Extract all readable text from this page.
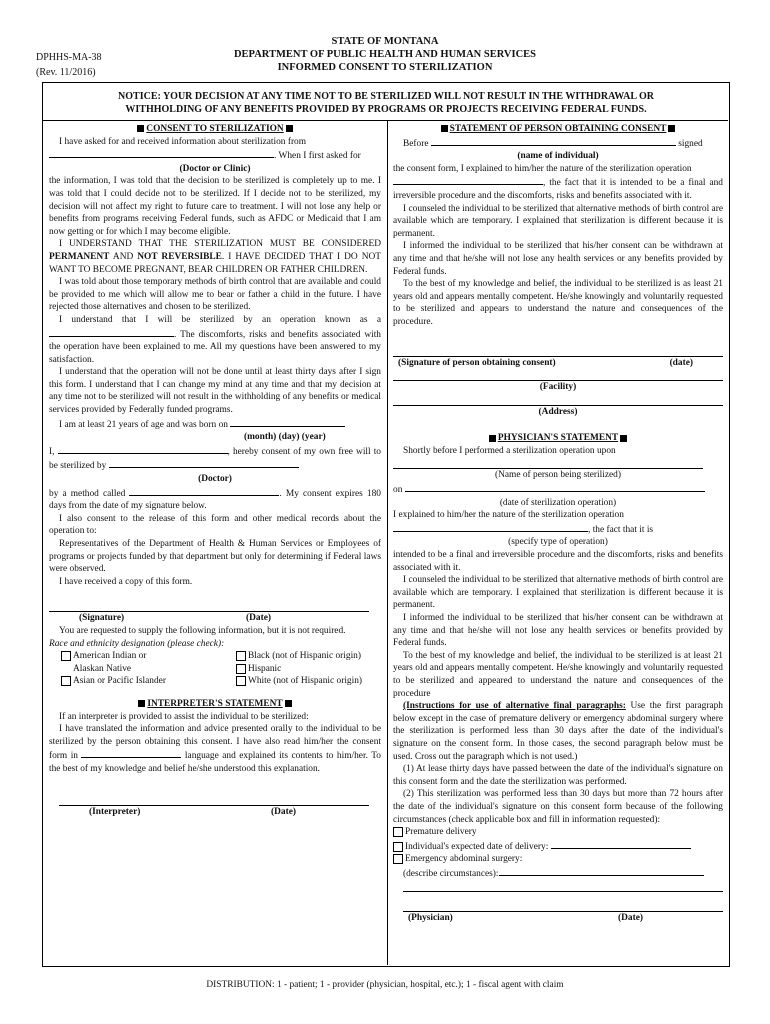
DPHHS-MA-38
(Rev. 11/2016)
STATE OF MONTANA
DEPARTMENT OF PUBLIC HEALTH AND HUMAN SERVICES
INFORMED CONSENT TO STERILIZATION
NOTICE: YOUR DECISION AT ANY TIME NOT TO BE STERILIZED WILL NOT RESULT IN THE WITHDRAWAL OR
WITHHOLDING OF ANY BENEFITS PROVIDED BY PROGRAMS OR PROJECTS RECEIVING FEDERAL FUNDS.
CONSENT TO STERILIZATION

I have asked for and received information about sterilization from

. When I first asked for

(Doctor or Clinic)

the information, I was told that the decision to be sterilized is completely up to me. I was told that I could decide not to be sterilized. If I decide not to be sterilized, my decision will not affect my right to future care to treatment. I will not lose any help or benefits from programs receiving Federal funds, such as AFDC or Medicaid that I am now getting or for which I may become eligible.

I UNDERSTAND THAT THE STERILIZATION MUST BE CONSIDERED PERMANENT AND NOT REVERSIBLE. I HAVE DECIDED THAT I DO NOT WANT TO BECOME PREGNANT, BEAR CHILDREN OR FATHER CHILDREN.

I was told about those temporary methods of birth control that are available and could be provided to me which will allow me to bear or father a child in the future. I have rejected those alternatives and chosen to be sterilized.

I understand that I will be sterilized by an operation known as a . The discomforts, risks and benefits associated with the operation have been explained to me. All my questions have been answered to my satisfaction.

I understand that the operation will not be done until at least thirty days after I sign this form. I understand that I can change my mind at any time and that my decision at any time not to be sterilized will not result in the withholding of any benefits or medical services provided by Federally funded programs.

I am at least 21 years of age and was born on

(month) (day) (year)

I,	, hereby consent of my own free will to be sterilized by

(Doctor)

by a method called	. My consent expires 180 days from the date of my signature below.

I also consent to the release of this form and other medical records about the operation to:

Representatives of the Department of Health & Human Services or Employees of programs or projects funded by that department but only for determining if Federal laws were observed.

I have received a copy of this form.

(Signature)	(Date)

You are requested to supply the following information, but it is not required.

Race and ethnicity designation (please check):

American Indian or	Black (not of Hispanic origin)
Alaskan Native	Hispanic
Asian or Pacific Islander	White (not of Hispanic origin)
INTERPRETER'S STATEMENT

If an interpreter is provided to assist the individual to be sterilized:

I have translated the information and advice presented orally to the individual to be sterilized by the person obtaining this consent. I have also read him/her the consent form in	language and explained its contents to him/her. To the best of my knowledge and belief he/she understood this explanation.

(Interpreter)	(Date)
STATEMENT OF PERSON OBTAINING CONSENT

Before	signed

(name of individual)

the consent form, I explained to him/her the nature of the sterilization operation

, the fact that it is intended to be a final and irreversible procedure and the discomforts, risks and benefits associated with it.

I counseled the individual to be sterilized that alternative methods of birth control are available which are temporary. I explained that sterilization is different because it is permanent.

I informed the individual to be sterilized that his/her consent can be withdrawn at any time and that he/she will not lose any health services or any benefits provided by Federal funds.

To the best of my knowledge and belief, the individual to be sterilized is as least 21 years old and appears mentally competent. He/she knowingly and voluntarily requested to be sterilized and appears to understand the nature and consequences of the procedure.

(Signature of person obtaining consent)	(date)

(Facility)

(Address)

PHYSICIAN'S STATEMENT

Shortly before I performed a sterilization operation upon

(Name of person being sterilized)

on

(date of sterilization operation)

I explained to him/her the nature of the sterilization operation

, the fact that it is

(specify type of operation)

intended to be a final and irreversible procedure and the discomforts, risks and benefits associated with it.

I counseled the individual to be sterilized that alternative methods of birth control are available which are temporary. I explained that sterilization is different because it is permanent.

I informed the individual to be sterilized that his/her consent can be withdrawn at any time and that he/she will not lose any health services or benefits provided by Federal funds.

To the best of my knowledge and belief, the individual to be sterilized is at least 21 years old and appears mentally competent. He/she knowingly and voluntarily requested to be sterilized and appeared to understand the nature and consequences of the procedure

(Instructions for use of alternative final paragraphs: Use the first paragraph below except in the case of premature delivery or emergency abdominal surgery where the sterilization is performed less than 30 days after the date of the individual's signature on the consent form. In those cases, the second paragraph below must be used. Cross out the paragraph which is not used.)

(1) At lease thirty days have passed between the date of the individual's signature on this consent form and the date the sterilization was performed.

(2) This sterilization was performed less than 30 days but more than 72 hours after the date of the individual's signature on this consent form because of the following circumstances (check applicable box and fill in information requested):

Premature delivery

Individual's expected date of delivery:

Emergency abdominal surgery:

(describe circumstances):

(Physician)	(Date)
DISTRIBUTION: 1 - patient; 1 - provider (physician, hospital, etc.); 1 - fiscal agent with claim
